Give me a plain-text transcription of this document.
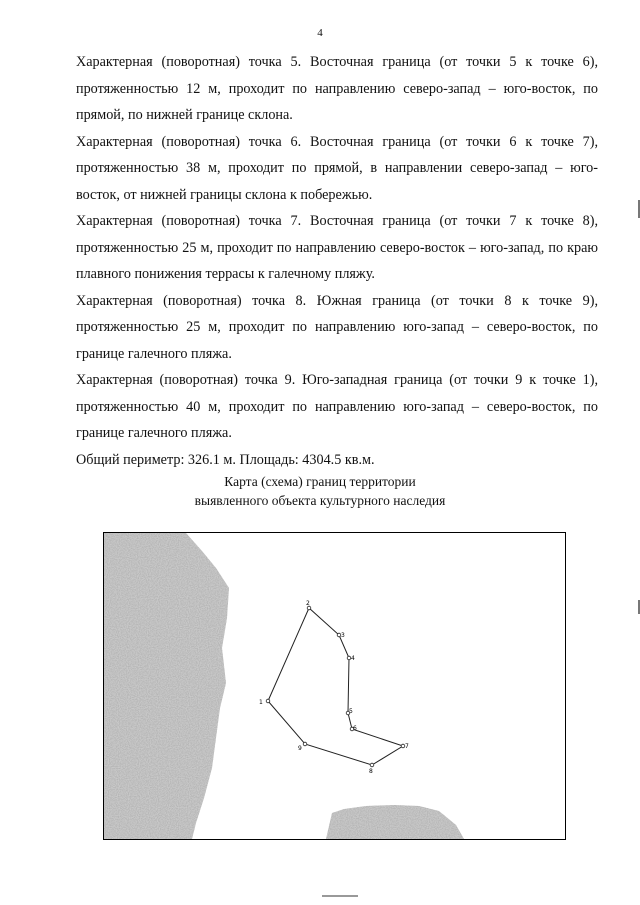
4

Характерная (поворотная) точка 5. Восточная граница (от точки 5 к точке 6), протяженностью 12 м, проходит по направлению северо-запад – юго-восток, по прямой, по нижней границе склона.

Характерная (поворотная) точка 6. Восточная граница (от точки 6 к точке 7), протяженностью 38 м, проходит по прямой, в направлении северо-запад – юго- восток, от нижней границы склона к побережью.

Характерная (поворотная) точка 7. Восточная граница (от точки 7 к точке 8), протяженностью 25 м, проходит по направлению северо-восток – юго-запад, по краю плавного понижения террасы к галечному пляжу.

Характерная (поворотная) точка 8. Южная граница (от точки 8 к точке 9), протяженностью 25 м, проходит по направлению юго-запад – северо-восток, по границе галечного пляжа.

Характерная (поворотная) точка 9. Юго-западная граница (от точки 9 к точке 1), протяженностью 40 м, проходит по направлению юго-запад – северо-восток, по границе галечного пляжа.

Общий периметр: 326.1 м. Площадь: 4304.5 кв.м.

Карта (схема) границ территории
выявленного объекта культурного наследия
1
2
3
4
5
6
7
8
9
